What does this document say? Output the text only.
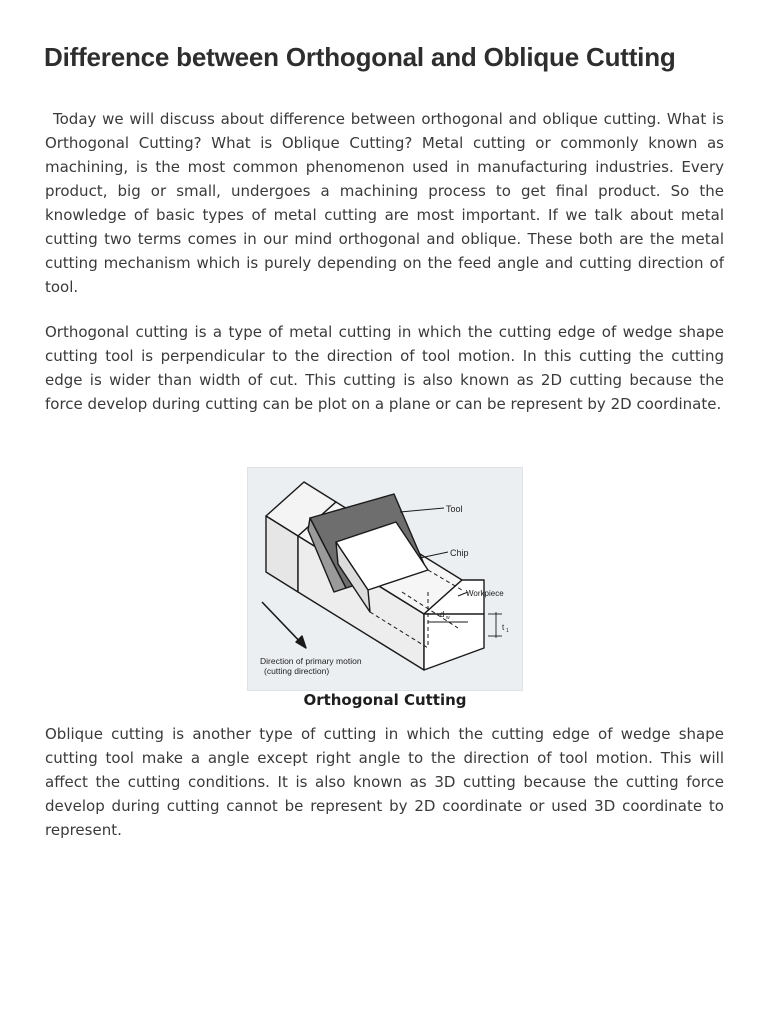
Difference between Orthogonal and Oblique Cutting

Today we will discuss about difference between orthogonal and oblique cutting. What is Orthogonal Cutting? What is Oblique Cutting? Metal cutting or commonly known as machining, is the most common phenomenon used in manufacturing industries. Every product, big or small, undergoes a machining process to get final product. So the knowledge of basic types of metal cutting are most important. If we talk about metal cutting two terms comes in our mind orthogonal and oblique. These both are the metal cutting mechanism which is purely depending on the feed angle and cutting direction of tool.

Orthogonal cutting is a type of metal cutting in which the cutting edge of wedge shape cutting tool is perpendicular to the direction of tool motion. In this cutting the cutting edge is wider than width of cut. This cutting is also known as 2D cutting because the force develop during cutting can be plot on a plane or can be represent by 2D coordinate.

Tool
Chip
Workpiece
d w
t 1
Direction of primary motion
(cutting direction)
Orthogonal Cutting

Oblique cutting is another type of cutting in which the cutting edge of wedge shape cutting tool make a angle except right angle to the direction of tool motion. This will affect the cutting conditions. It is also known as 3D cutting because the cutting force develop during cutting cannot be represent by 2D coordinate or used 3D coordinate to represent.
